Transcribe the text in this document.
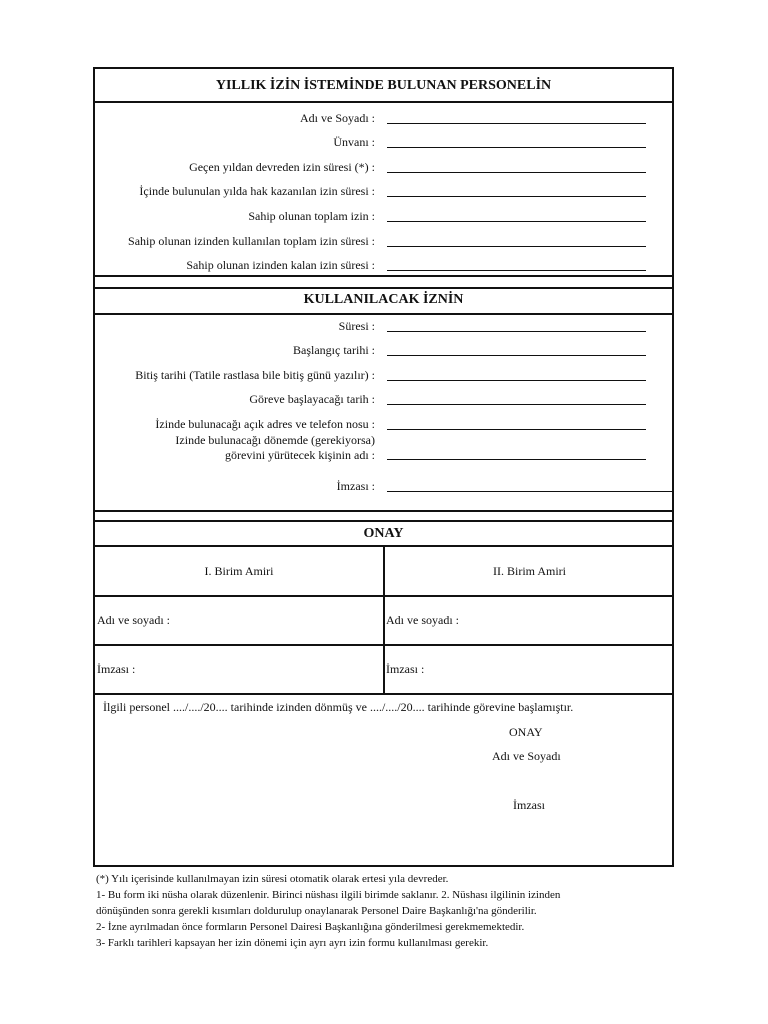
YILLIK İZİN İSTEMİNDE BULUNAN PERSONELİN
Adı ve Soyadı :
Ünvanı :
Geçen yıldan devreden izin süresi (*) :
İçinde bulunulan yılda hak kazanılan izin süresi :
Sahip olunan toplam izin :
Sahip olunan izinden kullanılan toplam izin süresi :
Sahip olunan izinden kalan izin süresi :
KULLANILACAK İZNİN
Süresi :
Başlangıç tarihi :
Bitiş tarihi (Tatile rastlasa bile bitiş günü yazılır) :
Göreve başlayacağı tarih :
İzinde bulunacağı açık adres ve telefon nosu :
Izinde bulunacağı dönemde (gerekiyorsa)
görevini yürütecek kişinin adı :
İmzası :
ONAY
I. Birim Amiri	II. Birim Amiri
Adı ve soyadı :	Adı ve soyadı :
İmzası :	İmzası :
İlgili personel ..../..../20.... tarihinde izinden dönmüş ve ..../..../20.... tarihinde görevine başlamıştır.
ONAY
Adı ve Soyadı
İmzası
(*) Yılı içerisinde kullanılmayan izin süresi otomatik olarak ertesi yıla devreder.
1- Bu form iki nüsha olarak düzenlenir. Birinci nüshası ilgili birimde saklanır. 2. Nüshası ilgilinin izinden
dönüşünden sonra gerekli kısımları doldurulup onaylanarak Personel Daire Başkanlığı'na gönderilir.
2- İzne ayrılmadan önce formların Personel Dairesi Başkanlığına gönderilmesi gerekmemektedir.
3- Farklı tarihleri kapsayan her izin dönemi için ayrı ayrı izin formu kullanılması gerekir.
